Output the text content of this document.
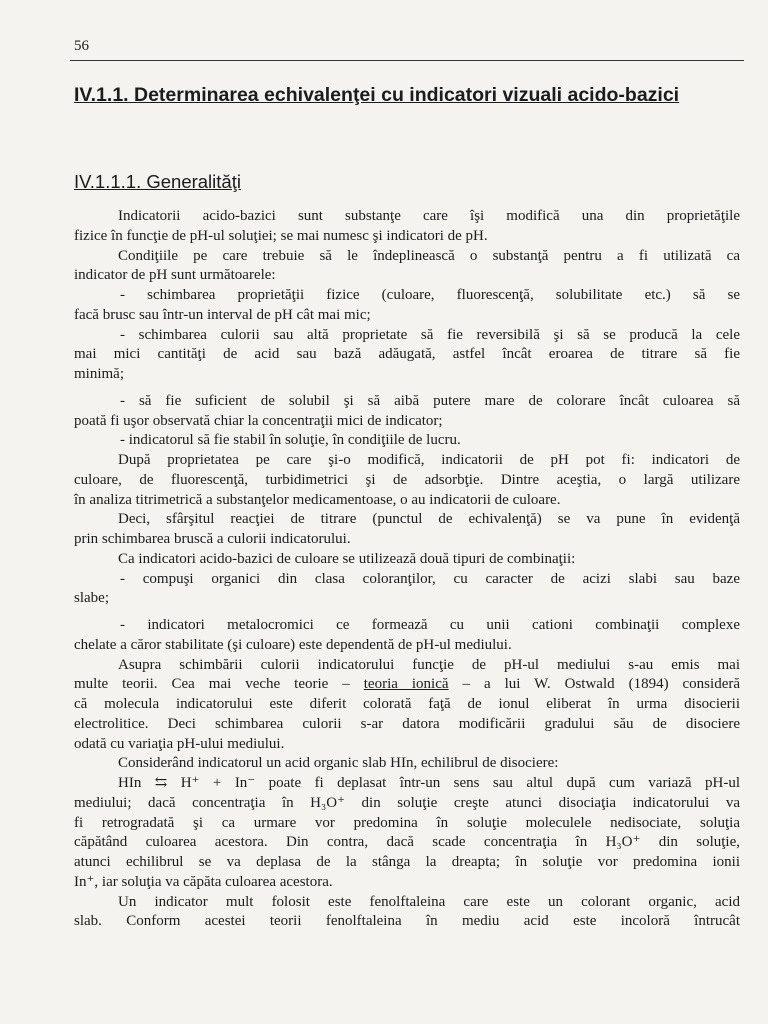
56
IV.1.1. Determinarea echivalenţei cu indicatori vizuali acido-bazici
IV.1.1.1. Generalităţi
Indicatorii acido-bazici sunt substanţe care îşi modifică una din proprietăţile
fizice în funcţie de pH-ul soluţiei; se mai numesc şi indicatori de pH.
Condiţiile pe care trebuie să le îndeplinească o substanţă pentru a fi utilizată ca
indicator de pH sunt următoarele:
- schimbarea proprietăţii fizice (culoare, fluorescenţă, solubilitate etc.) să se
facă brusc sau într-un interval de pH cât mai mic;
- schimbarea culorii sau altă proprietate să fie reversibilă şi să se producă la cele
mai mici cantităţi de acid sau bază adăugată, astfel încât eroarea de titrare să fie
minimă;
- să fie suficient de solubil şi să aibă putere mare de colorare încât culoarea să
poată fi uşor observată chiar la concentraţii mici de indicator;
- indicatorul să fie stabil în soluţie, în condiţiile de lucru.
După proprietatea pe care şi-o modifică, indicatorii de pH pot fi: indicatori de
culoare, de fluorescenţă, turbidimetrici şi de adsorbţie. Dintre aceştia, o largă utilizare
în analiza titrimetrică a substanţelor medicamentoase, o au indicatorii de culoare.
Deci, sfârşitul reacţiei de titrare (punctul de echivalenţă) se va pune în evidenţă
prin schimbarea bruscă a culorii indicatorului.
Ca indicatori acido-bazici de culoare se utilizează două tipuri de combinaţii:
- compuşi organici din clasa coloranţilor, cu caracter de acizi slabi sau baze
slabe;
- indicatori metalocromici ce formează cu unii cationi combinaţii complexe
chelate a căror stabilitate (şi culoare) este dependentă de pH-ul mediului.
Asupra schimbării culorii indicatorului funcţie de pH-ul mediului s-au emis mai
multe teorii. Cea mai veche teorie – teoria ionică – a lui W. Ostwald (1894) consideră
că molecula indicatorului este diferit colorată faţă de ionul eliberat în urma disocierii
electrolitice. Deci schimbarea culorii s-ar datora modificării gradului său de disociere
odată cu variaţia pH-ului mediului.
Considerând indicatorul un acid organic slab HIn, echilibrul de disociere:
HIn ⇆ H⁺ + In⁻ poate fi deplasat într-un sens sau altul după cum variază pH-ul
mediului; dacă concentraţia în H₃O⁺ din soluţie creşte atunci disociaţia indicatorului va
fi retrogradată şi ca urmare vor predomina în soluţie moleculele nedisociate, soluţia
căpătând culoarea acestora. Din contra, dacă scade concentraţia în H₃O⁺ din soluţie,
atunci echilibrul se va deplasa de la stânga la dreapta; în soluţie vor predomina ionii
In⁺, iar soluţia va căpăta culoarea acestora.
Un indicator mult folosit este fenolftaleina care este un colorant organic, acid
slab. Conform acestei teorii fenolftaleina în mediu acid este incoloră întrucât
